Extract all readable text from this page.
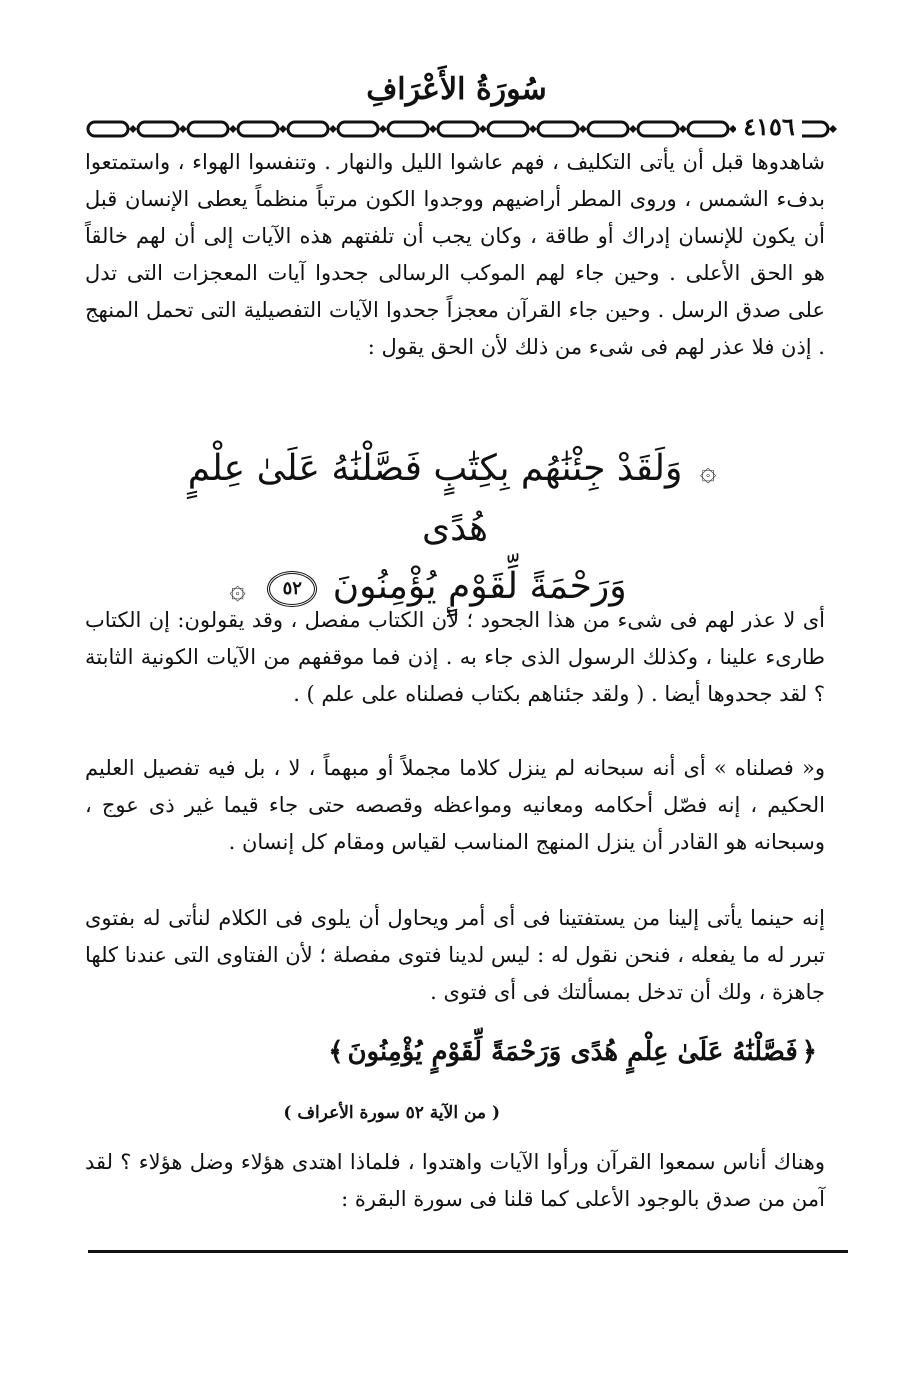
سُورَةُ الأَعْرَافِ
٤١٥٦

شاهدوها قبل أن يأتى التكليف ، فهم عاشوا الليل والنهار . وتنفسوا الهواء ، واستمتعوا بدفء الشمس ، وروى المطر أراضيهم ووجدوا الكون مرتباً منظماً يعطى الإنسان قبل أن يكون للإنسان إدراك أو طاقة ، وكان يجب أن تلفتهم هذه الآيات إلى أن لهم خالقاً هو الحق الأعلى . وحين جاء لهم الموكب الرسالى جحدوا آيات المعجزات التى تدل على صدق الرسل . وحين جاء القرآن معجزاً جحدوا الآيات التفصيلية التى تحمل المنهج . إذن فلا عذر لهم فى شىء من ذلك لأن الحق يقول :

۞ وَلَقَدْ جِئْنَٰهُم بِكِتَٰبٍ فَصَّلْنَٰهُ عَلَىٰ عِلْمٍ هُدًى
وَرَحْمَةً لِّقَوْمٍ يُؤْمِنُونَ ٥٢ ۞

أى لا عذر لهم فى شىء من هذا الجحود ؛ لأن الكتاب مفصل ، وقد يقولون: إن الكتاب طارىء علينا ، وكذلك الرسول الذى جاء به . إذن فما موقفهم من الآيات الكونية الثابتة ؟ لقد جحدوها أيضا . ( ولقد جئناهم بكتاب فصلناه على علم ) .

و« فصلناه » أى أنه سبحانه لم ينزل كلاما مجملاً أو مبهماً ، لا ، بل فيه تفصيل العليم الحكيم ، إنه فصّل أحكامه ومعانيه ومواعظه وقصصه حتى جاء قيما غير ذى عوج ، وسبحانه هو القادر أن ينزل المنهج المناسب لقياس ومقام كل إنسان .

إنه حينما يأتى إلينا من يستفتينا فى أى أمر ويحاول أن يلوى فى الكلام لنأتى له بفتوى تبرر له ما يفعله ، فنحن نقول له : ليس لدينا فتوى مفصلة ؛ لأن الفتاوى التى عندنا كلها جاهزة ، ولك أن تدخل بمسألتك فى أى فتوى .

﴿فَصَّلْنَٰهُ عَلَىٰ عِلْمٍ هُدًى وَرَحْمَةً لِّقَوْمٍ يُؤْمِنُونَ﴾

( من الآية ٥٢ سورة الأعراف )

وهناك أناس سمعوا القرآن ورأوا الآيات واهتدوا ، فلماذا اهتدى هؤلاء وضل هؤلاء ؟ لقد آمن من صدق بالوجود الأعلى كما قلنا فى سورة البقرة :
